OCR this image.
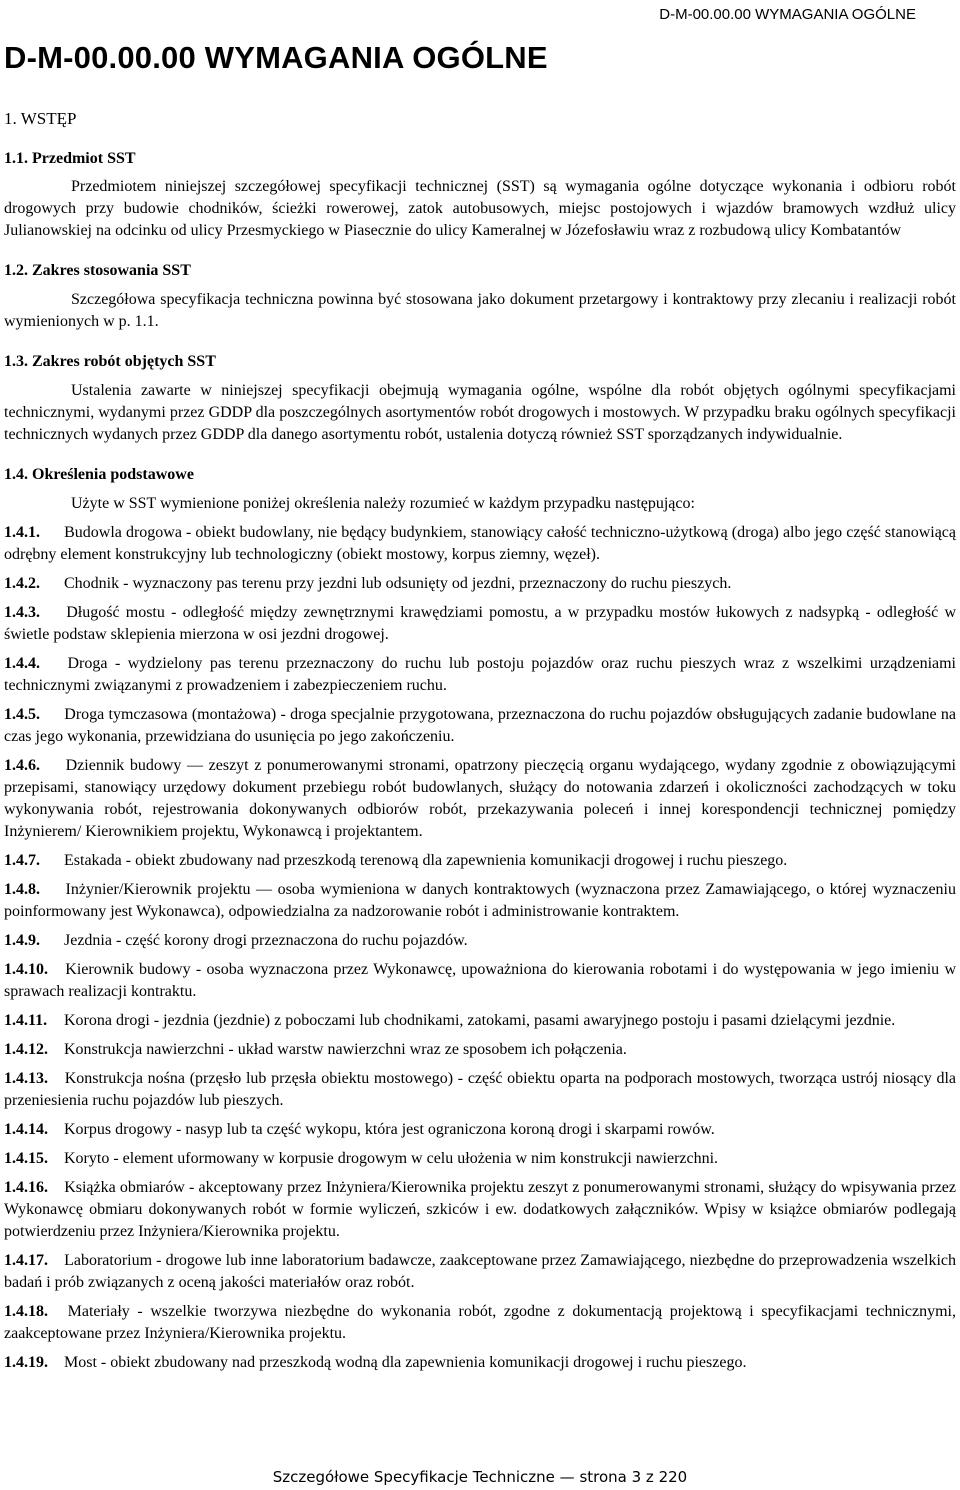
D-M-00.00.00 WYMAGANIA OGÓLNE
D-M-00.00.00 WYMAGANIA OGÓLNE
1. WSTĘP
1.1. Przedmiot SST

Przedmiotem niniejszej szczegółowej specyfikacji technicznej (SST) są wymagania ogólne dotyczące wykonania i odbioru robót drogowych przy budowie chodników, ścieżki rowerowej, zatok autobusowych, miejsc postojowych i wjazdów bramowych wzdłuż ulicy Julianowskiej na odcinku od ulicy Przesmyckiego w Piasecznie do ulicy Kameralnej w Józefosławiu wraz z rozbudową ulicy Kombatantów

1.2. Zakres stosowania SST

Szczegółowa specyfikacja techniczna powinna być stosowana jako dokument przetargowy i kontraktowy przy zlecaniu i realizacji robót wymienionych w p. 1.1.

1.3. Zakres robót objętych SST

Ustalenia zawarte w niniejszej specyfikacji obejmują wymagania ogólne, wspólne dla robót objętych ogólnymi specyfikacjami technicznymi, wydanymi przez GDDP dla poszczególnych asortymentów robót drogowych i mostowych. W przypadku braku ogólnych specyfikacji technicznych wydanych przez GDDP dla danego asortymentu robót, ustalenia dotyczą również SST sporządzanych indywidualnie.

1.4. Określenia podstawowe

Użyte w SST wymienione poniżej określenia należy rozumieć w każdym przypadku następująco:

1.4.1. Budowla drogowa - obiekt budowlany, nie będący budynkiem, stanowiący całość techniczno-użytkową (droga) albo jego część stanowiącą odrębny element konstrukcyjny lub technologiczny (obiekt mostowy, korpus ziemny, węzeł).

1.4.2. Chodnik - wyznaczony pas terenu przy jezdni lub odsunięty od jezdni, przeznaczony do ruchu pieszych.

1.4.3. Długość mostu - odległość między zewnętrznymi krawędziami pomostu, a w przypadku mostów łukowych z nadsypką - odległość w świetle podstaw sklepienia mierzona w osi jezdni drogowej.

1.4.4. Droga - wydzielony pas terenu przeznaczony do ruchu lub postoju pojazdów oraz ruchu pieszych wraz z wszelkimi urządzeniami technicznymi związanymi z prowadzeniem i zabezpieczeniem ruchu.

1.4.5. Droga tymczasowa (montażowa) - droga specjalnie przygotowana, przeznaczona do ruchu pojazdów obsługujących zadanie budowlane na czas jego wykonania, przewidziana do usunięcia po jego zakończeniu.

1.4.6. Dziennik budowy — zeszyt z ponumerowanymi stronami, opatrzony pieczęcią organu wydającego, wydany zgodnie z obowiązującymi przepisami, stanowiący urzędowy dokument przebiegu robót budowlanych, służący do notowania zdarzeń i okoliczności zachodzących w toku wykonywania robót, rejestrowania dokonywanych odbiorów robót, przekazywania poleceń i innej korespondencji technicznej pomiędzy Inżynierem/ Kierownikiem projektu, Wykonawcą i projektantem.

1.4.7. Estakada - obiekt zbudowany nad przeszkodą terenową dla zapewnienia komunikacji drogowej i ruchu pieszego.

1.4.8. Inżynier/Kierownik projektu — osoba wymieniona w danych kontraktowych (wyznaczona przez Zamawiającego, o której wyznaczeniu poinformowany jest Wykonawca), odpowiedzialna za nadzorowanie robót i administrowanie kontraktem.

1.4.9. Jezdnia - część korony drogi przeznaczona do ruchu pojazdów.

1.4.10. Kierownik budowy - osoba wyznaczona przez Wykonawcę, upoważniona do kierowania robotami i do występowania w jego imieniu w sprawach realizacji kontraktu.

1.4.11. Korona drogi - jezdnia (jezdnie) z poboczami lub chodnikami, zatokami, pasami awaryjnego postoju i pasami dzielącymi jezdnie.

1.4.12. Konstrukcja nawierzchni - układ warstw nawierzchni wraz ze sposobem ich połączenia.

1.4.13. Konstrukcja nośna (przęsło lub przęsła obiektu mostowego) - część obiektu oparta na podporach mostowych, tworząca ustrój niosący dla przeniesienia ruchu pojazdów lub pieszych.

1.4.14. Korpus drogowy - nasyp lub ta część wykopu, która jest ograniczona koroną drogi i skarpami rowów.

1.4.15. Koryto - element uformowany w korpusie drogowym w celu ułożenia w nim konstrukcji nawierzchni.

1.4.16. Książka obmiarów - akceptowany przez Inżyniera/Kierownika projektu zeszyt z ponumerowanymi stronami, służący do wpisywania przez Wykonawcę obmiaru dokonywanych robót w formie wyliczeń, szkiców i ew. dodatkowych załączników. Wpisy w książce obmiarów podlegają potwierdzeniu przez Inżyniera/Kierownika projektu.

1.4.17. Laboratorium - drogowe lub inne laboratorium badawcze, zaakceptowane przez Zamawiającego, niezbędne do przeprowadzenia wszelkich badań i prób związanych z oceną jakości materiałów oraz robót.

1.4.18. Materiały - wszelkie tworzywa niezbędne do wykonania robót, zgodne z dokumentacją projektową i specyfikacjami technicznymi, zaakceptowane przez Inżyniera/Kierownika projektu.

1.4.19. Most - obiekt zbudowany nad przeszkodą wodną dla zapewnienia komunikacji drogowej i ruchu pieszego.

Szczegółowe Specyfikacje Techniczne — strona 3 z 220
